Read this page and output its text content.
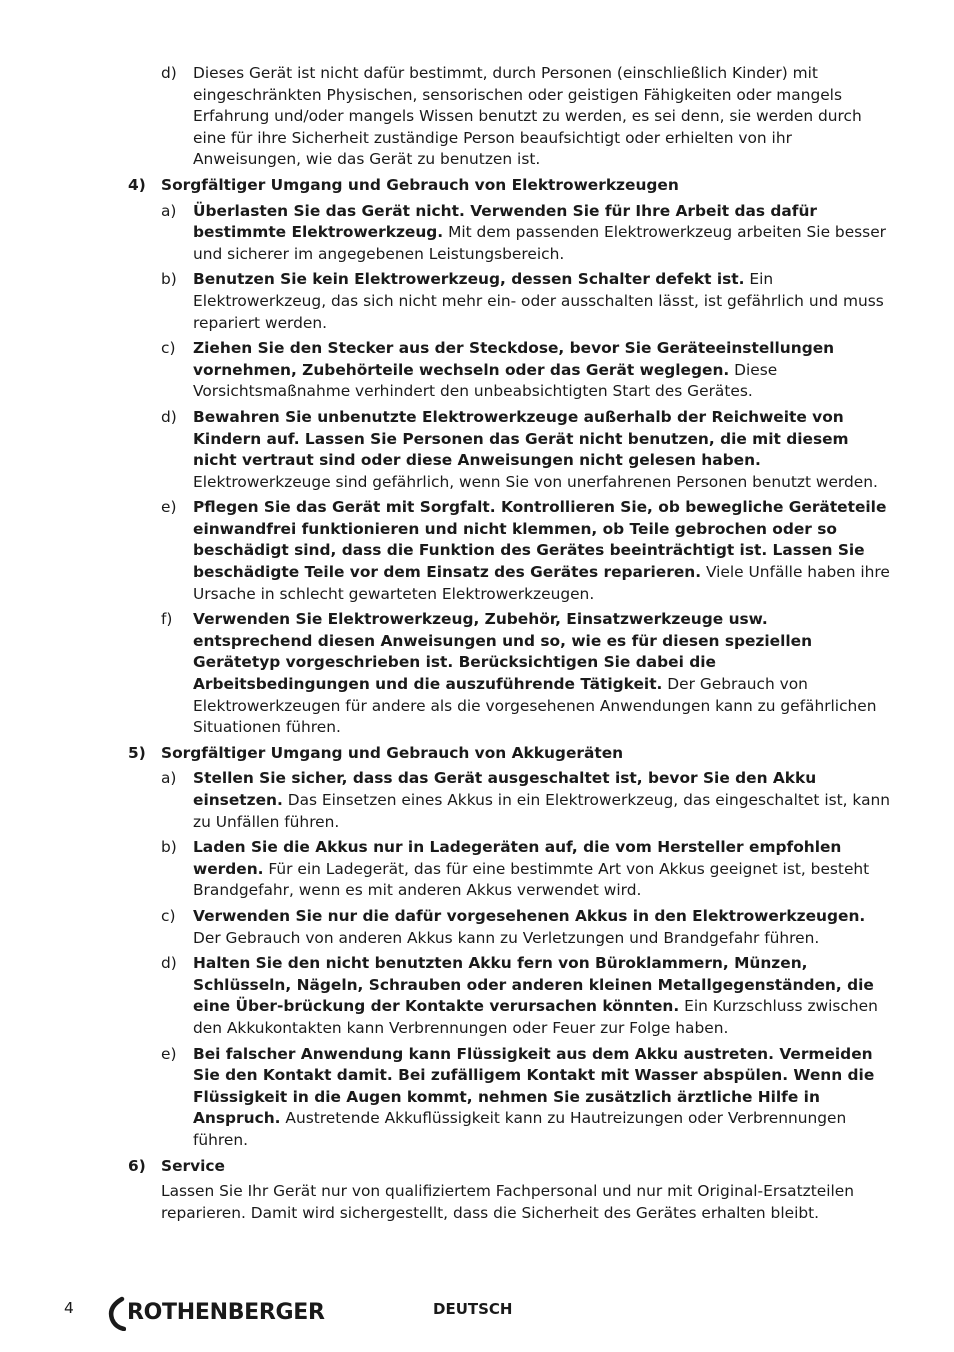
d) Dieses Gerät ist nicht dafür bestimmt, durch Personen (einschließlich Kinder) mit eingeschränkten Physischen, sensorischen oder geistigen Fähigkeiten oder mangels Erfahrung und/oder mangels Wissen benutzt zu werden, es sei denn, sie werden durch eine für ihre Sicherheit zuständige Person beaufsichtigt oder erhielten von ihr Anweisungen, wie das Gerät zu benutzen ist.

4) Sorgfältiger Umgang und Gebrauch von Elektrowerkzeugen
a) Überlasten Sie das Gerät nicht. Verwenden Sie für Ihre Arbeit das dafür bestimmte Elektrowerkzeug. Mit dem passenden Elektrowerkzeug arbeiten Sie besser und sicherer im angegebenen Leistungsbereich.

b) Benutzen Sie kein Elektrowerkzeug, dessen Schalter defekt ist. Ein Elektrowerkzeug, das sich nicht mehr ein- oder ausschalten lässt, ist gefährlich und muss repariert werden.

c) Ziehen Sie den Stecker aus der Steckdose, bevor Sie Geräteeinstellungen vornehmen, Zubehörteile wechseln oder das Gerät weglegen. Diese Vorsichtsmaßnahme verhindert den unbeabsichtigten Start des Gerätes.

d) Bewahren Sie unbenutzte Elektrowerkzeuge außerhalb der Reichweite von Kindern auf. Lassen Sie Personen das Gerät nicht benutzen, die mit diesem nicht vertraut sind oder diese Anweisungen nicht gelesen haben. Elektrowerkzeuge sind gefährlich, wenn Sie von unerfahrenen Personen benutzt werden.

e) Pflegen Sie das Gerät mit Sorgfalt. Kontrollieren Sie, ob bewegliche Geräteteile einwandfrei funktionieren und nicht klemmen, ob Teile gebrochen oder so beschädigt sind, dass die Funktion des Gerätes beeinträchtigt ist. Lassen Sie beschädigte Teile vor dem Einsatz des Gerätes reparieren. Viele Unfälle haben ihre Ursache in schlecht gewarteten Elektrowerkzeugen.

f) Verwenden Sie Elektrowerkzeug, Zubehör, Einsatzwerkzeuge usw. entsprechend diesen Anweisungen und so, wie es für diesen speziellen Gerätetyp vorgeschrieben ist. Berücksichtigen Sie dabei die Arbeitsbedingungen und die auszuführende Tätigkeit. Der Gebrauch von Elektrowerkzeugen für andere als die vorgesehenen Anwendungen kann zu gefährlichen Situationen führen.

5) Sorgfältiger Umgang und Gebrauch von Akkugeräten
a) Stellen Sie sicher, dass das Gerät ausgeschaltet ist, bevor Sie den Akku einsetzen. Das Einsetzen eines Akkus in ein Elektrowerkzeug, das eingeschaltet ist, kann zu Unfällen führen.

b) Laden Sie die Akkus nur in Ladegeräten auf, die vom Hersteller empfohlen werden. Für ein Ladegerät, das für eine bestimmte Art von Akkus geeignet ist, besteht Brandgefahr, wenn es mit anderen Akkus verwendet wird.

c) Verwenden Sie nur die dafür vorgesehenen Akkus in den Elektrowerkzeugen. Der Gebrauch von anderen Akkus kann zu Verletzungen und Brandgefahr führen.

d) Halten Sie den nicht benutzten Akku fern von Büroklammern, Münzen, Schlüsseln, Nägeln, Schrauben oder anderen kleinen Metallgegenständen, die eine Über-brückung der Kontakte verursachen könnten. Ein Kurzschluss zwischen den Akkukontakten kann Verbrennungen oder Feuer zur Folge haben.

e) Bei falscher Anwendung kann Flüssigkeit aus dem Akku austreten. Vermeiden Sie den Kontakt damit. Bei zufälligem Kontakt mit Wasser abspülen. Wenn die Flüssigkeit in die Augen kommt, nehmen Sie zusätzlich ärztliche Hilfe in Anspruch. Austretende Akkuflüssigkeit kann zu Hautreizungen oder Verbrennungen führen.

6) Service

Lassen Sie Ihr Gerät nur von qualifiziertem Fachpersonal und nur mit Original-Ersatzteilen reparieren. Damit wird sichergestellt, dass die Sicherheit des Gerätes erhalten bleibt.

4 ROTHENBERGER	DEUTSCH
